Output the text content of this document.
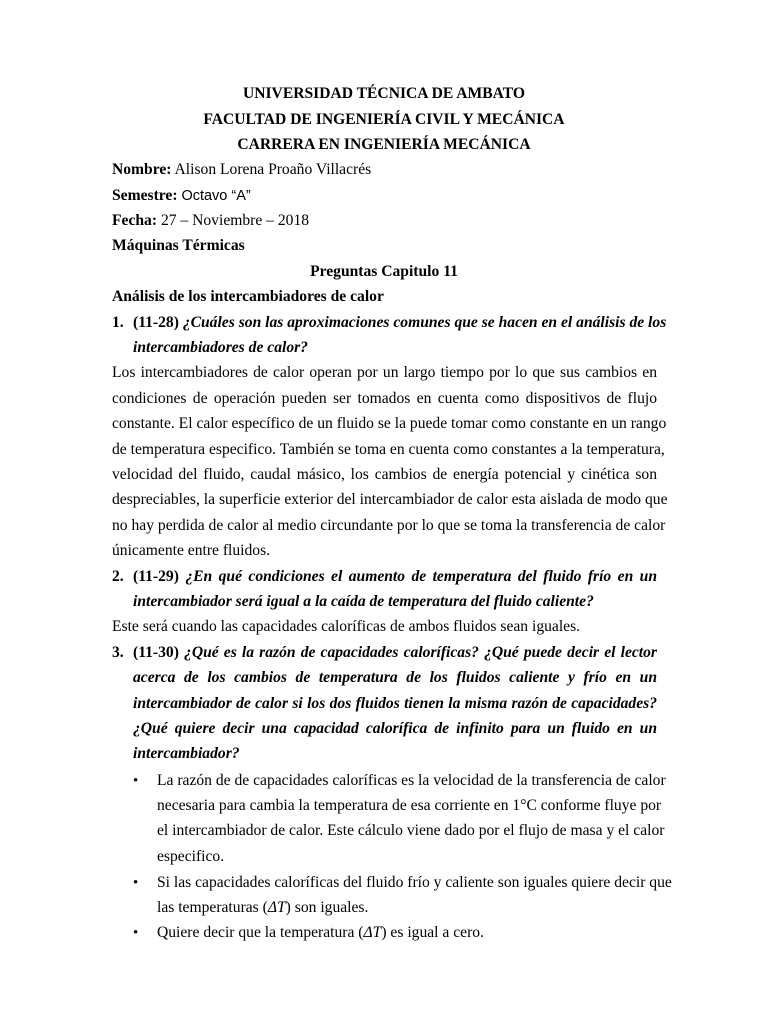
UNIVERSIDAD TÉCNICA DE AMBATO
FACULTAD DE INGENIERÍA CIVIL Y MECÁNICA
CARRERA EN INGENIERÍA MECÁNICA
Nombre: Alison Lorena Proaño Villacrés
Semestre: Octavo “A”
Fecha: 27 – Noviembre – 2018
Máquinas Térmicas
Preguntas Capitulo 11
Análisis de los intercambiadores de calor
1. (11-28) ¿Cuáles son las aproximaciones comunes que se hacen en el análisis de los
intercambiadores de calor?
Los intercambiadores de calor operan por un largo tiempo por lo que sus cambios en
condiciones de operación pueden ser tomados en cuenta como dispositivos de flujo
constante. El calor específico de un fluido se la puede tomar como constante en un rango
de temperatura especifico. También se toma en cuenta como constantes a la temperatura,
velocidad del fluido, caudal másico, los cambios de energía potencial y cinética son
despreciables, la superficie exterior del intercambiador de calor esta aislada de modo que
no hay perdida de calor al medio circundante por lo que se toma la transferencia de calor
únicamente entre fluidos.
2. (11-29) ¿En qué condiciones el aumento de temperatura del fluido frío en un
intercambiador será igual a la caída de temperatura del fluido caliente?
Este será cuando las capacidades caloríficas de ambos fluidos sean iguales.
3. (11-30) ¿Qué es la razón de capacidades caloríficas? ¿Qué puede decir el lector
acerca de los cambios de temperatura de los fluidos caliente y frío en un
intercambiador de calor si los dos fluidos tienen la misma razón de capacidades?
¿Qué quiere decir una capacidad calorífica de infinito para un fluido en un
intercambiador?
• La razón de de capacidades caloríficas es la velocidad de la transferencia de calor
necesaria para cambia la temperatura de esa corriente en 1°C conforme fluye por
el intercambiador de calor. Este cálculo viene dado por el flujo de masa y el calor
especifico.
• Si las capacidades caloríficas del fluido frío y caliente son iguales quiere decir que
las temperaturas (ΔT) son iguales.
• Quiere decir que la temperatura (ΔT) es igual a cero.
